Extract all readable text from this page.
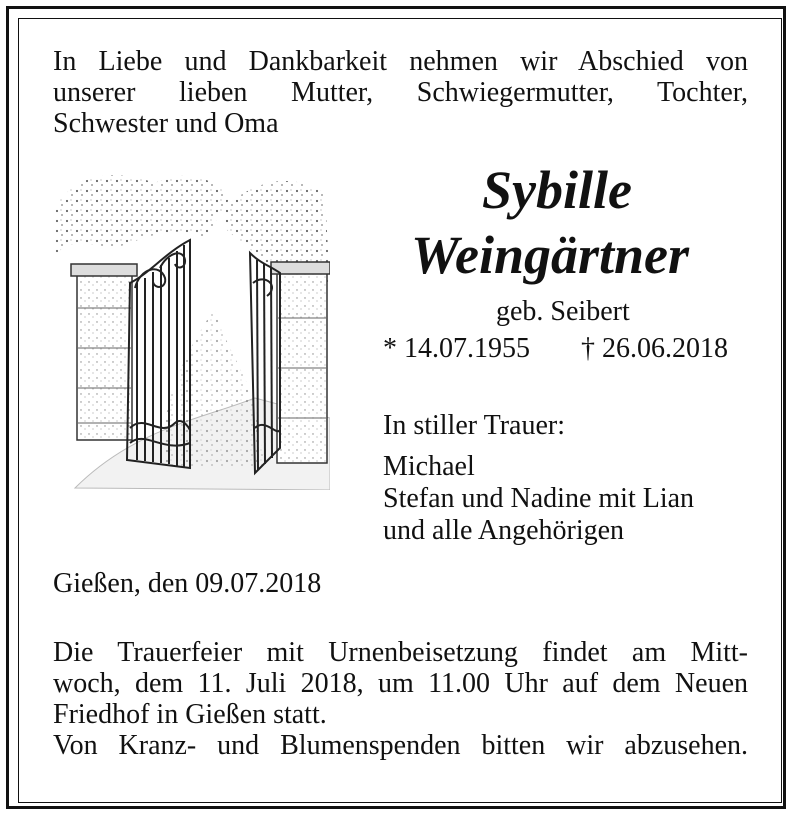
In Liebe und Dankbarkeit nehmen wir Abschied von
unserer lieben Mutter, Schwiegermutter, Tochter,
Schwester und Oma
Sybille
Weingärtner
geb. Seibert
* 14.07.1955 † 26.06.2018
In stiller Trauer:
Michael
Stefan und Nadine mit Lian
und alle Angehörigen
Gießen, den 09.07.2018
Die Trauerfeier mit Urnenbeisetzung findet am Mitt-
woch, dem 11. Juli 2018, um 11.00 Uhr auf dem Neuen
Friedhof in Gießen statt.
Von Kranz- und Blumenspenden bitten wir abzusehen.
